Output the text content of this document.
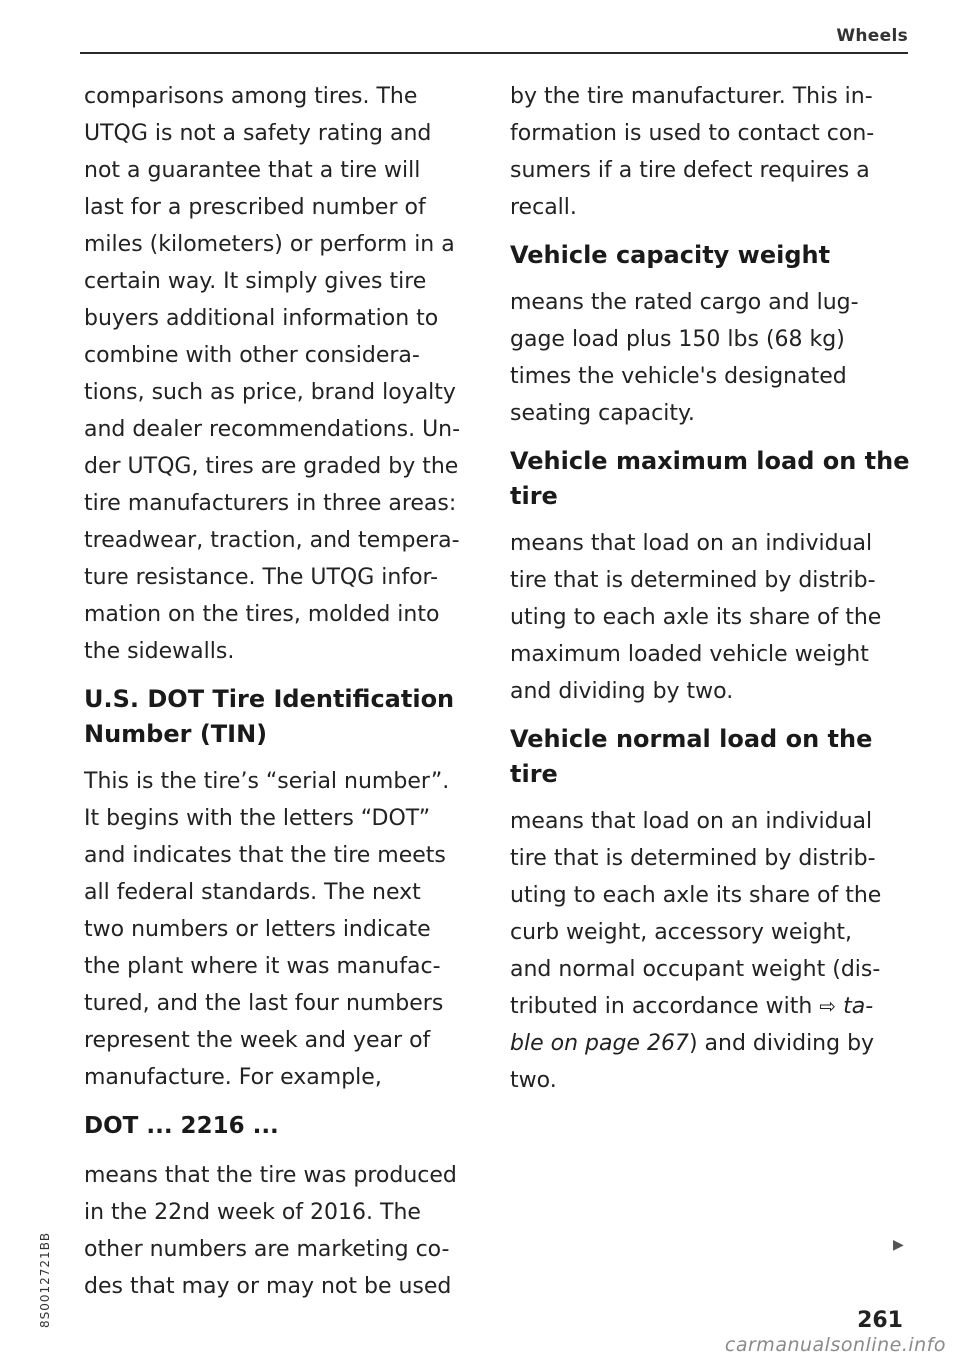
Wheels

comparisons among tires. The
UTQG is not a safety rating and
not a guarantee that a tire will
last for a prescribed number of
miles (kilometers) or perform in a
certain way. It simply gives tire
buyers additional information to
combine with other considera-
tions, such as price, brand loyalty
and dealer recommendations. Un-
der UTQG, tires are graded by the
tire manufacturers in three areas:
treadwear, traction, and tempera-
ture resistance. The UTQG infor-
mation on the tires, molded into
the sidewalls.

U.S. DOT Tire Identification
Number (TIN)

This is the tire’s “serial number”.
It begins with the letters “DOT”
and indicates that the tire meets
all federal standards. The next
two numbers or letters indicate
the plant where it was manufac-
tured, and the last four numbers
represent the week and year of
manufacture. For example,

DOT ... 2216 ...

means that the tire was produced
in the 22nd week of 2016. The
other numbers are marketing co-
des that may or may not be used

by the tire manufacturer. This in-
formation is used to contact con-
sumers if a tire defect requires a
recall.

Vehicle capacity weight

means the rated cargo and lug-
gage load plus 150 lbs (68 kg)
times the vehicle's designated
seating capacity.

Vehicle maximum load on the
tire

means that load on an individual
tire that is determined by distrib-
uting to each axle its share of the
maximum loaded vehicle weight
and dividing by two.

Vehicle normal load on the tire

means that load on an individual
tire that is determined by distrib-
uting to each axle its share of the
curb weight, accessory weight,
and normal occupant weight (dis-
tributed in accordance with ⇨ ta-
ble on page 267) and dividing by
two.

▶
261
8S0012721BB
carmanualsonline.info
